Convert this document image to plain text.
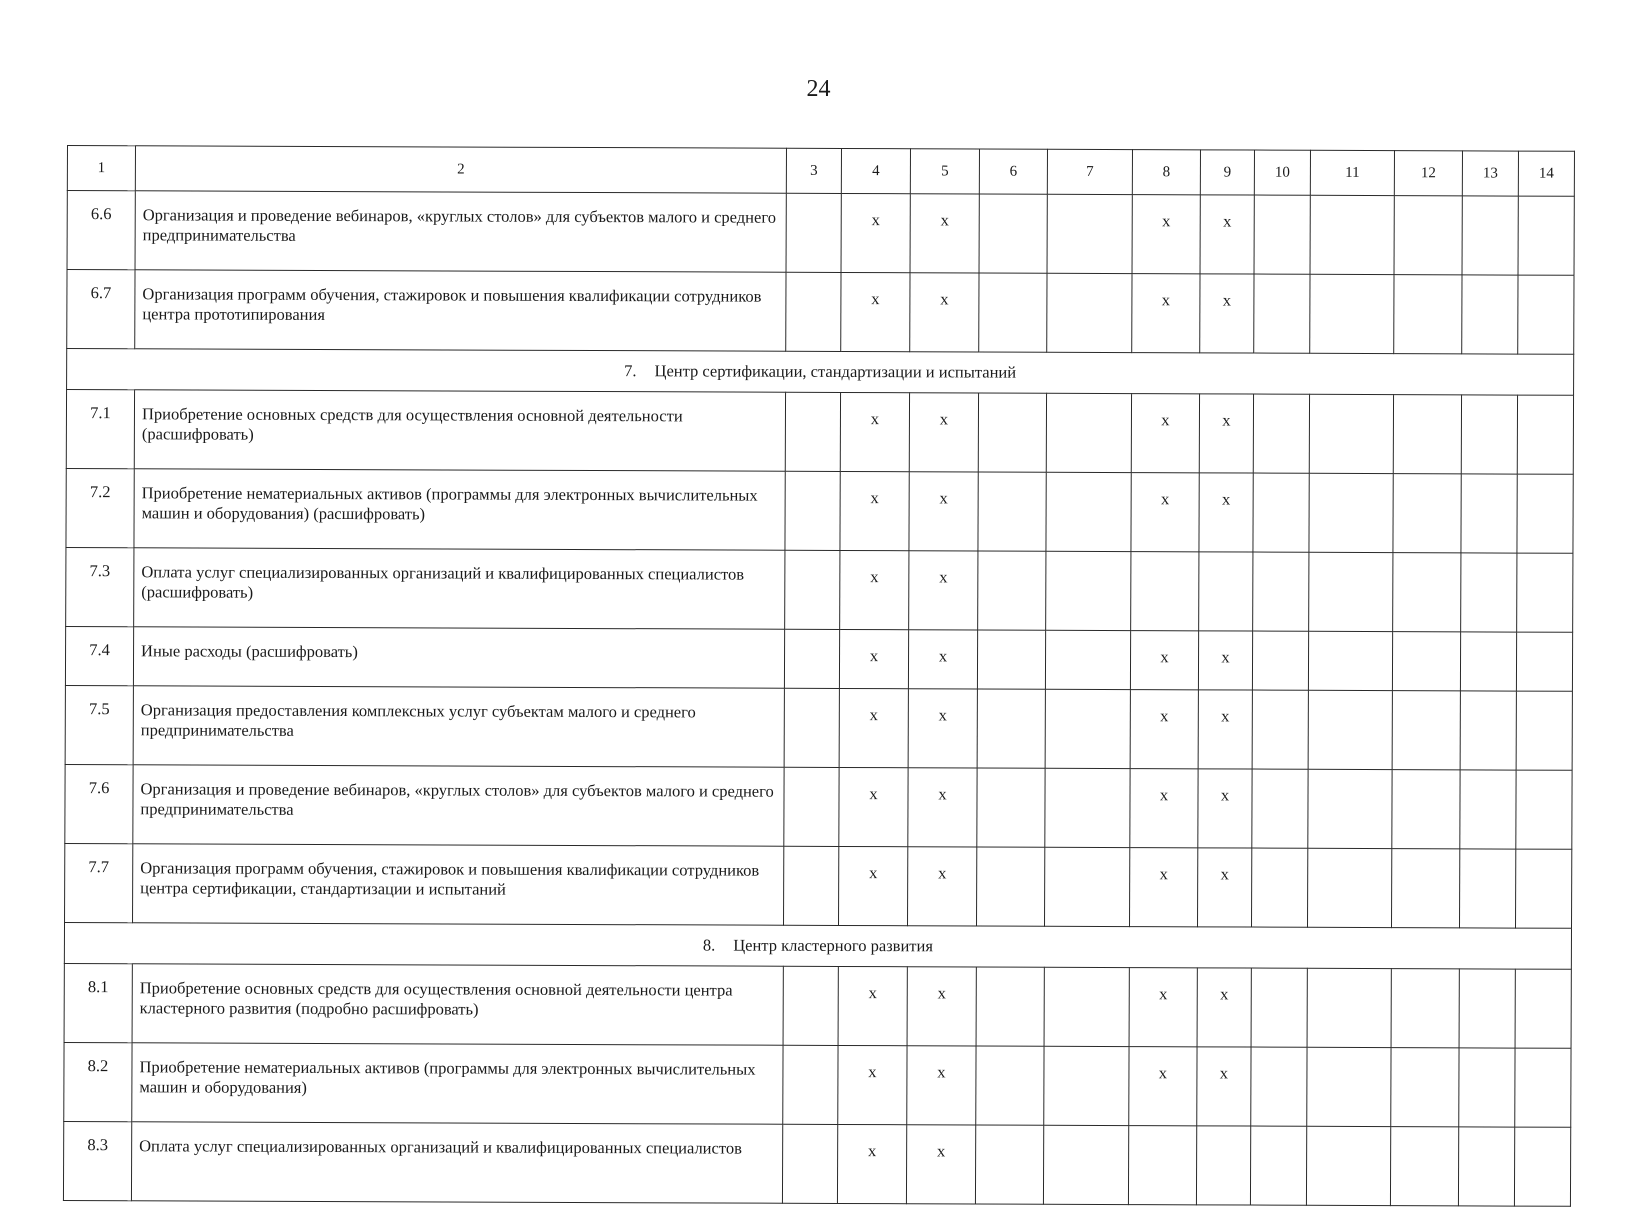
24
1	2	3	4	5	6	7	8	9	10	11	12	13	14
6.6	Организация и проведение вебинаров, «круглых столов» для субъектов малого и среднего предпринимательства		х	х			х	х					
6.7	Организация программ обучения, стажировок и повышения квалификации сотрудников центра прототипирования		х	х			х	х					
7. Центр сертификации, стандартизации и испытаний													
7.1	Приобретение основных средств для осуществления основной деятельности (расшифровать)		х	х			х	х					
7.2	Приобретение нематериальных активов (программы для электронных вычислительных машин и оборудования) (расшифровать)		х	х			х	х					
7.3	Оплата услуг специализированных организаций и квалифицированных специалистов (расшифровать)		х	х									
7.4	Иные расходы (расшифровать)		х	х			х	х					
7.5	Организация предоставления комплексных услуг субъектам малого и среднего предпринимательства		х	х			х	х					
7.6	Организация и проведение вебинаров, «круглых столов» для субъектов малого и среднего предпринимательства		х	х			х	х					
7.7	Организация программ обучения, стажировок и повышения квалификации сотрудников центра сертификации, стандартизации и испытаний		х	х			х	х					
8. Центр кластерного развития													
8.1	Приобретение основных средств для осуществления основной деятельности центра кластерного развития (подробно расшифровать)		х	х			х	х					
8.2	Приобретение нематериальных активов (программы для электронных вычислительных машин и оборудования)		х	х			х	х					
8.3	Оплата услуг специализированных организаций и квалифицированных специалистов		х	х									
